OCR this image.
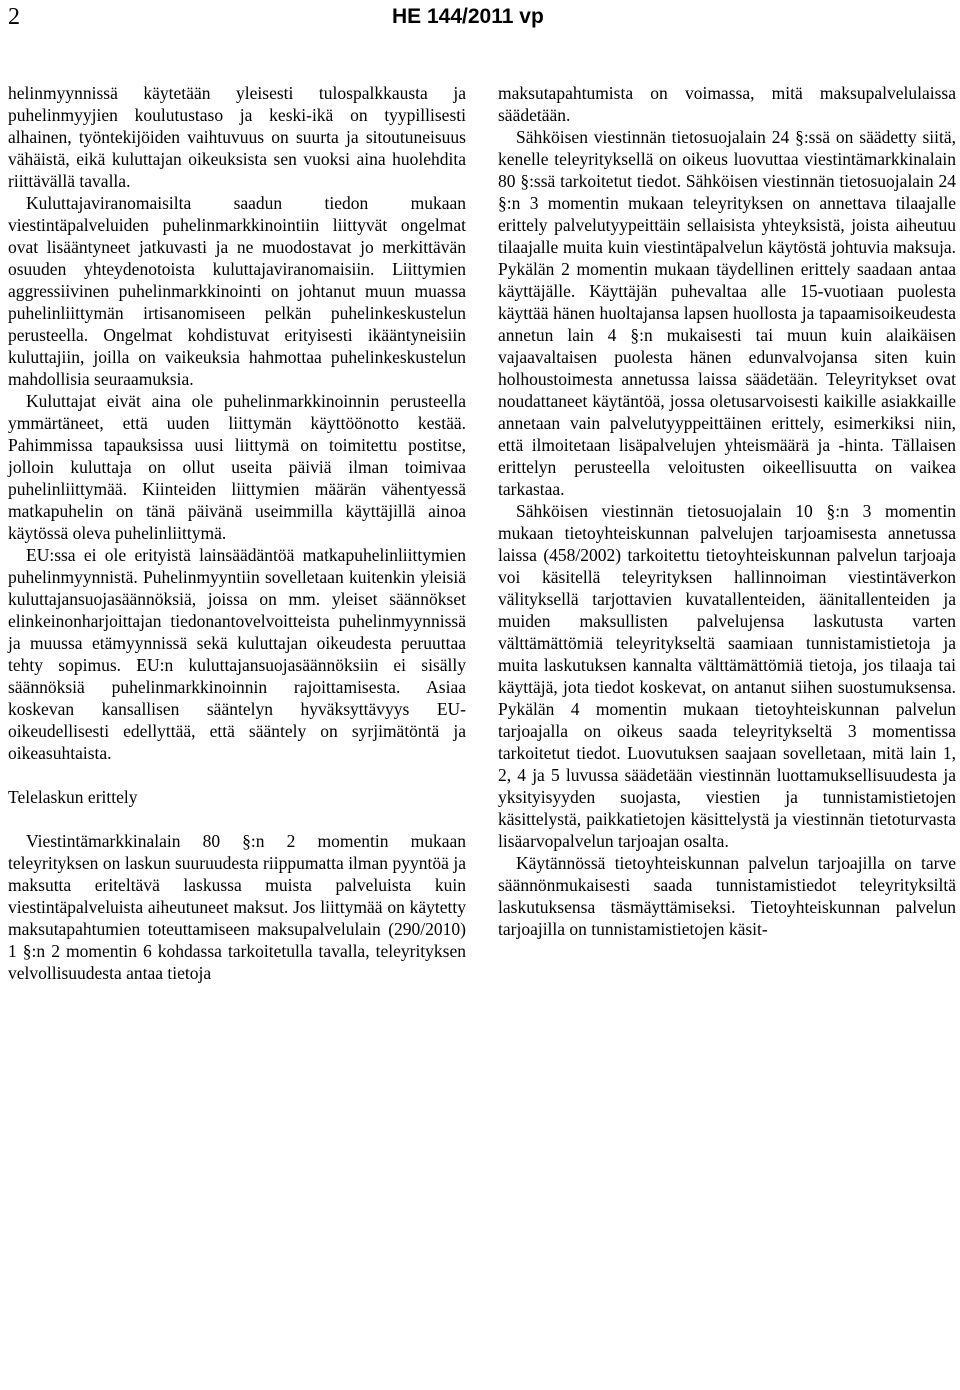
2	HE 144/2011 vp

helinmyynnissä käytetään yleisesti tulospalkkausta ja puhelinmyyjien koulutustaso ja keski-ikä on tyypillisesti alhainen, työntekijöiden vaihtuvuus on suurta ja sitoutuneisuus vähäistä, eikä kuluttajan oikeuksista sen vuoksi aina huolehdita riittävällä tavalla.

Kuluttajaviranomaisilta saadun tiedon mukaan viestintäpalveluiden puhelinmarkkinointiin liittyvät ongelmat ovat lisääntyneet jatkuvasti ja ne muodostavat jo merkittävän osuuden yhteydenotoista kuluttajaviranomaisiin. Liittymien aggressiivinen puhelinmarkkinointi on johtanut muun muassa puhelinliittymän irtisanomiseen pelkän puhelinkeskustelun perusteella. Ongelmat kohdistuvat erityisesti ikääntyneisiin kuluttajiin, joilla on vaikeuksia hahmottaa puhelinkeskustelun mahdollisia seuraamuksia.

Kuluttajat eivät aina ole puhelinmarkkinoinnin perusteella ymmärtäneet, että uuden liittymän käyttöönotto kestää. Pahimmissa tapauksissa uusi liittymä on toimitettu postitse, jolloin kuluttaja on ollut useita päiviä ilman toimivaa puhelinliittymää. Kiinteiden liittymien määrän vähentyessä matkapuhelin on tänä päivänä useimmilla käyttäjillä ainoa käytössä oleva puhelinliittymä.

EU:ssa ei ole erityistä lainsäädäntöä matkapuhelinliittymien puhelinmyynnistä. Puhelinmyyntiin sovelletaan kuitenkin yleisiä kuluttajansuojasäännöksiä, joissa on mm. yleiset säännökset elinkeinonharjoittajan tiedonantovelvoitteista puhelinmyynnissä ja muussa etämyynnissä sekä kuluttajan oikeudesta peruuttaa tehty sopimus. EU:n kuluttajansuojasäännöksiin ei sisälly säännöksiä puhelinmarkkinoinnin rajoittamisesta. Asiaa koskevan kansallisen sääntelyn hyväksyttävyys EU-oikeudellisesti edellyttää, että sääntely on syrjimätöntä ja oikeasuhtaista.

Telelaskun erittely

Viestintämarkkinalain 80 §:n 2 momentin mukaan teleyrityksen on laskun suuruudesta riippumatta ilman pyyntöä ja maksutta eriteltävä laskussa muista palveluista kuin viestintäpalveluista aiheutuneet maksut. Jos liittymää on käytetty maksutapahtumien toteuttamiseen maksupalvelulain (290/2010) 1 §:n 2 momentin 6 kohdassa tarkoitetulla tavalla, teleyrityksen velvollisuudesta antaa tietoja

maksutapahtumista on voimassa, mitä maksupalvelulaissa säädetään.

Sähköisen viestinnän tietosuojalain 24 §:ssä on säädetty siitä, kenelle teleyrityksellä on oikeus luovuttaa viestintämarkkinalain 80 §:ssä tarkoitetut tiedot. Sähköisen viestinnän tietosuojalain 24 §:n 3 momentin mukaan teleyrityksen on annettava tilaajalle erittely palvelutyypeittäin sellaisista yhteyksistä, joista aiheutuu tilaajalle muita kuin viestintäpalvelun käytöstä johtuvia maksuja. Pykälän 2 momentin mukaan täydellinen erittely saadaan antaa käyttäjälle. Käyttäjän puhevaltaa alle 15-vuotiaan puolesta käyttää hänen huoltajansa lapsen huollosta ja tapaamisoikeudesta annetun lain 4 §:n mukaisesti tai muun kuin alaikäisen vajaavaltaisen puolesta hänen edunvalvojansa siten kuin holhoustoimesta annetussa laissa säädetään. Teleyritykset ovat noudattaneet käytäntöä, jossa oletusarvoisesti kaikille asiakkaille annetaan vain palvelutyyppeittäinen erittely, esimerkiksi niin, että ilmoitetaan lisäpalvelujen yhteismäärä ja -hinta. Tällaisen erittelyn perusteella veloitusten oikeellisuutta on vaikea tarkastaa.

Sähköisen viestinnän tietosuojalain 10 §:n 3 momentin mukaan tietoyhteiskunnan palvelujen tarjoamisesta annetussa laissa (458/2002) tarkoitettu tietoyhteiskunnan palvelun tarjoaja voi käsitellä teleyrityksen hallinnoiman viestintäverkon välityksellä tarjottavien kuvatallenteiden, äänitallenteiden ja muiden maksullisten palvelujensa laskutusta varten välttämättömiä teleyritykseltä saamiaan tunnistamistietoja ja muita laskutuksen kannalta välttämättömiä tietoja, jos tilaaja tai käyttäjä, jota tiedot koskevat, on antanut siihen suostumuksensa. Pykälän 4 momentin mukaan tietoyhteiskunnan palvelun tarjoajalla on oikeus saada teleyritykseltä 3 momentissa tarkoitetut tiedot. Luovutuksen saajaan sovelletaan, mitä lain 1, 2, 4 ja 5 luvussa säädetään viestinnän luottamuksellisuudesta ja yksityisyyden suojasta, viestien ja tunnistamistietojen käsittelystä, paikkatietojen käsittelystä ja viestinnän tietoturvasta lisäarvopalvelun tarjoajan osalta.

Käytännössä tietoyhteiskunnan palvelun tarjoajilla on tarve säännönmukaisesti saada tunnistamistiedot teleyrityksiltä laskutuksensa täsmäyttämiseksi. Tietoyhteiskunnan palvelun tarjoajilla on tunnistamistietojen käsit-
